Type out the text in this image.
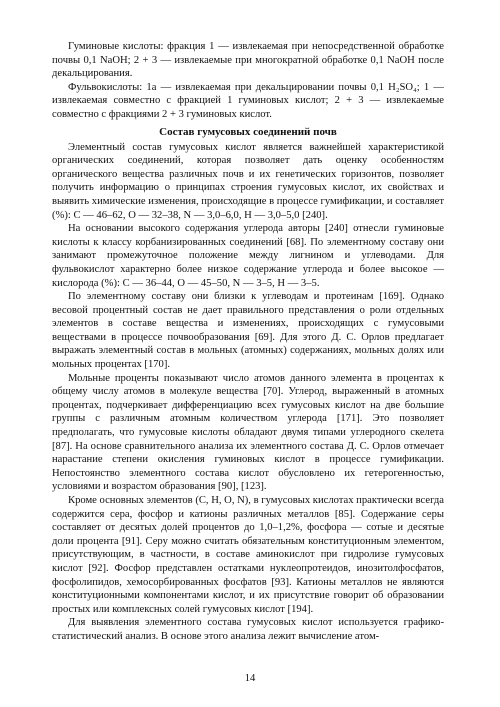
Гуминовые кислоты: фракция 1 — извлекаемая при непосредственной обработке почвы 0,1 NaOH; 2 + 3 — извлекаемые при многократной обработке 0,1 NaOH после декальцирования.

Фульвокислоты: 1а — извлекаемая при декальцировании почвы 0,1 H₂SO₄; 1 — извлекаемая совместно с фракцией 1 гуминовых кислот; 2 + 3 — извлекаемые совместно с фракциями 2 + 3 гуминовых кислот.

Состав гумусовых соединений почв

Элементный состав гумусовых кислот является важнейшей характеристикой органических соединений, которая позволяет дать оценку особенностям органического вещества различных почв и их генетических горизонтов, позволяет получить информацию о принципах строения гумусовых кислот, их свойствах и выявить химические изменения, происходящие в процессе гумификации, и составляет (%): C — 46–62, O — 32–38, N — 3,0–6,0, H — 3,0–5,0 [240].

На основании высокого содержания углерода авторы [240] отнесли гуминовые кислоты к классу корбанизированных соединений [68]. По элементному составу они занимают промежуточное положение между лигнином и углеводами. Для фульвокислот характерно более низкое содержание углерода и более высокое — кислорода (%): C — 36–44, O — 45–50, N — 3–5, H — 3–5.

По элементному составу они близки к углеводам и протеинам [169]. Однако весовой процентный состав не дает правильного представления о роли отдельных элементов в составе вещества и изменениях, происходящих с гумусовыми веществами в процессе почвообразования [69]. Для этого Д. С. Орлов предлагает выражать элементный состав в мольных (атомных) содержаниях, мольных долях или мольных процентах [170].

Мольные проценты показывают число атомов данного элемента в процентах к общему числу атомов в молекуле вещества [70]. Углерод, выраженный в атомных процентах, подчеркивает дифференциацию всех гумусовых кислот на две большие группы с различным атомным количеством углерода [171]. Это позволяет предполагать, что гумусовые кислоты обладают двумя типами углеродного скелета [87]. На основе сравнительного анализа их элементного состава Д. С. Орлов отмечает нарастание степени окисления гуминовых кислот в процессе гумификации. Непостоянство элементного состава кислот обусловлено их гетерогенностью, условиями и возрастом образования [90], [123].

Кроме основных элементов (C, H, O, N), в гумусовых кислотах практически всегда содержится сера, фосфор и катионы различных металлов [85]. Содержание серы составляет от десятых долей процентов до 1,0–1,2%, фосфора — сотые и десятые доли процента [91]. Серу можно считать обязательным конституционным элементом, присутствующим, в частности, в составе аминокислот при гидролизе гумусовых кислот [92]. Фосфор представлен остатками нуклеопротеидов, инозитолфосфатов, фосфолипидов, хемосорбированных фосфатов [93]. Катионы металлов не являются конституционными компонентами кислот, и их присутствие говорит об образовании простых или комплексных солей гумусовых кислот [194].

Для выявления элементного состава гумусовых кислот используется графико-статистический анализ. В основе этого анализа лежит вычисление атом-

14
